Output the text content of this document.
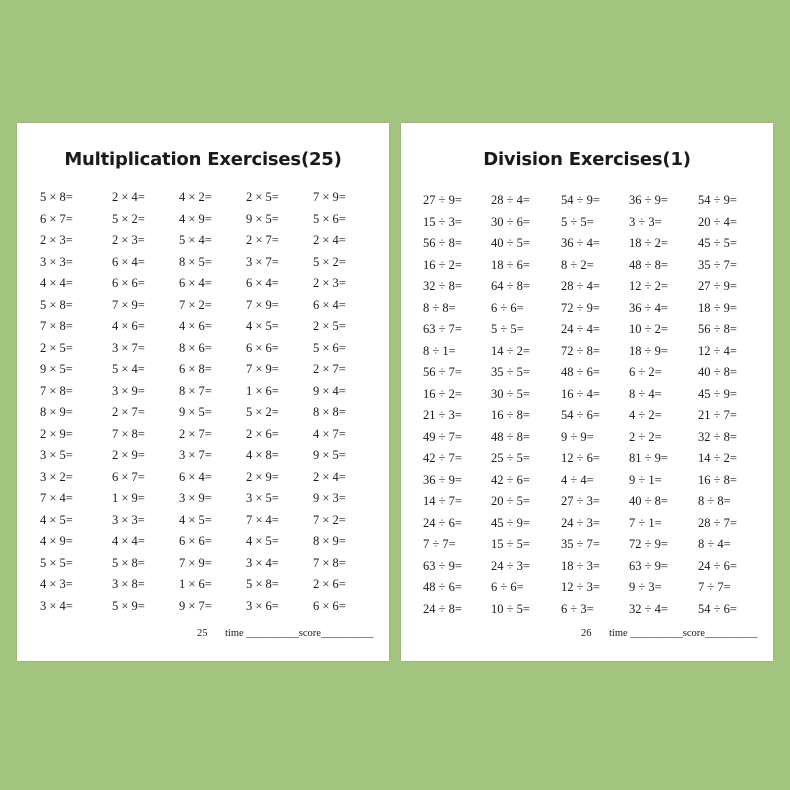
Multiplication Exercises(25)
5 × 8=	2 × 4=	4 × 2=	2 × 5=	7 × 9=
6 × 7=	5 × 2=	4 × 9=	9 × 5=	5 × 6=
2 × 3=	2 × 3=	5 × 4=	2 × 7=	2 × 4=
3 × 3=	6 × 4=	8 × 5=	3 × 7=	5 × 2=
4 × 4=	6 × 6=	6 × 4=	6 × 4=	2 × 3=
5 × 8=	7 × 9=	7 × 2=	7 × 9=	6 × 4=
7 × 8=	4 × 6=	4 × 6=	4 × 5=	2 × 5=
2 × 5=	3 × 7=	8 × 6=	6 × 6=	5 × 6=
9 × 5=	5 × 4=	6 × 8=	7 × 9=	2 × 7=
7 × 8=	3 × 9=	8 × 7=	1 × 6=	9 × 4=
8 × 9=	2 × 7=	9 × 5=	5 × 2=	8 × 8=
2 × 9=	7 × 8=	2 × 7=	2 × 6=	4 × 7=
3 × 5=	2 × 9=	3 × 7=	4 × 8=	9 × 5=
3 × 2=	6 × 7=	6 × 4=	2 × 9=	2 × 4=
7 × 4=	1 × 9=	3 × 9=	3 × 5=	9 × 3=
4 × 5=	3 × 3=	4 × 5=	7 × 4=	7 × 2=
4 × 9=	4 × 4=	6 × 6=	4 × 5=	8 × 9=
5 × 5=	5 × 8=	7 × 9=	3 × 4=	7 × 8=
4 × 3=	3 × 8=	1 × 6=	5 × 8=	2 × 6=
3 × 4=	5 × 9=	9 × 7=	3 × 6=	6 × 6=
25 time __________score__________
Division Exercises(1)
27 ÷ 9= 28 ÷ 4= 54 ÷ 9= 36 ÷ 9= 54 ÷ 9=
15 ÷ 3= 30 ÷ 6= 5 ÷ 5=	3 ÷ 3=	20 ÷ 4=
56 ÷ 8= 40 ÷ 5= 36 ÷ 4= 18 ÷ 2= 45 ÷ 5=
16 ÷ 2= 18 ÷ 6= 8 ÷ 2=	48 ÷ 8= 35 ÷ 7=
32 ÷ 8= 64 ÷ 8= 28 ÷ 4= 12 ÷ 2= 27 ÷ 9=
8 ÷ 8=	6 ÷ 6=	72 ÷ 9= 36 ÷ 4= 18 ÷ 9=
63 ÷ 7= 5 ÷ 5=	24 ÷ 4= 10 ÷ 2= 56 ÷ 8=
8 ÷ 1=	14 ÷ 2= 72 ÷ 8= 18 ÷ 9= 12 ÷ 4=
56 ÷ 7= 35 ÷ 5= 48 ÷ 6= 6 ÷ 2=	40 ÷ 8=
16 ÷ 2= 30 ÷ 5= 16 ÷ 4= 8 ÷ 4=	45 ÷ 9=
21 ÷ 3= 16 ÷ 8= 54 ÷ 6= 4 ÷ 2=	21 ÷ 7=
49 ÷ 7= 48 ÷ 8= 9 ÷ 9=	2 ÷ 2=	32 ÷ 8=
42 ÷ 7= 25 ÷ 5= 12 ÷ 6= 81 ÷ 9= 14 ÷ 2=
36 ÷ 9= 42 ÷ 6= 4 ÷ 4=	9 ÷ 1=	16 ÷ 8=
14 ÷ 7= 20 ÷ 5= 27 ÷ 3= 40 ÷ 8= 8 ÷ 8=
24 ÷ 6= 45 ÷ 9= 24 ÷ 3= 7 ÷ 1=	28 ÷ 7=
7 ÷ 7=	15 ÷ 5= 35 ÷ 7= 72 ÷ 9= 8 ÷ 4=
63 ÷ 9= 24 ÷ 3= 18 ÷ 3= 63 ÷ 9= 24 ÷ 6=
48 ÷ 6= 6 ÷ 6=	12 ÷ 3= 9 ÷ 3=	7 ÷ 7=
24 ÷ 8= 10 ÷ 5= 6 ÷ 3=	32 ÷ 4= 54 ÷ 6=
26 time __________score__________
